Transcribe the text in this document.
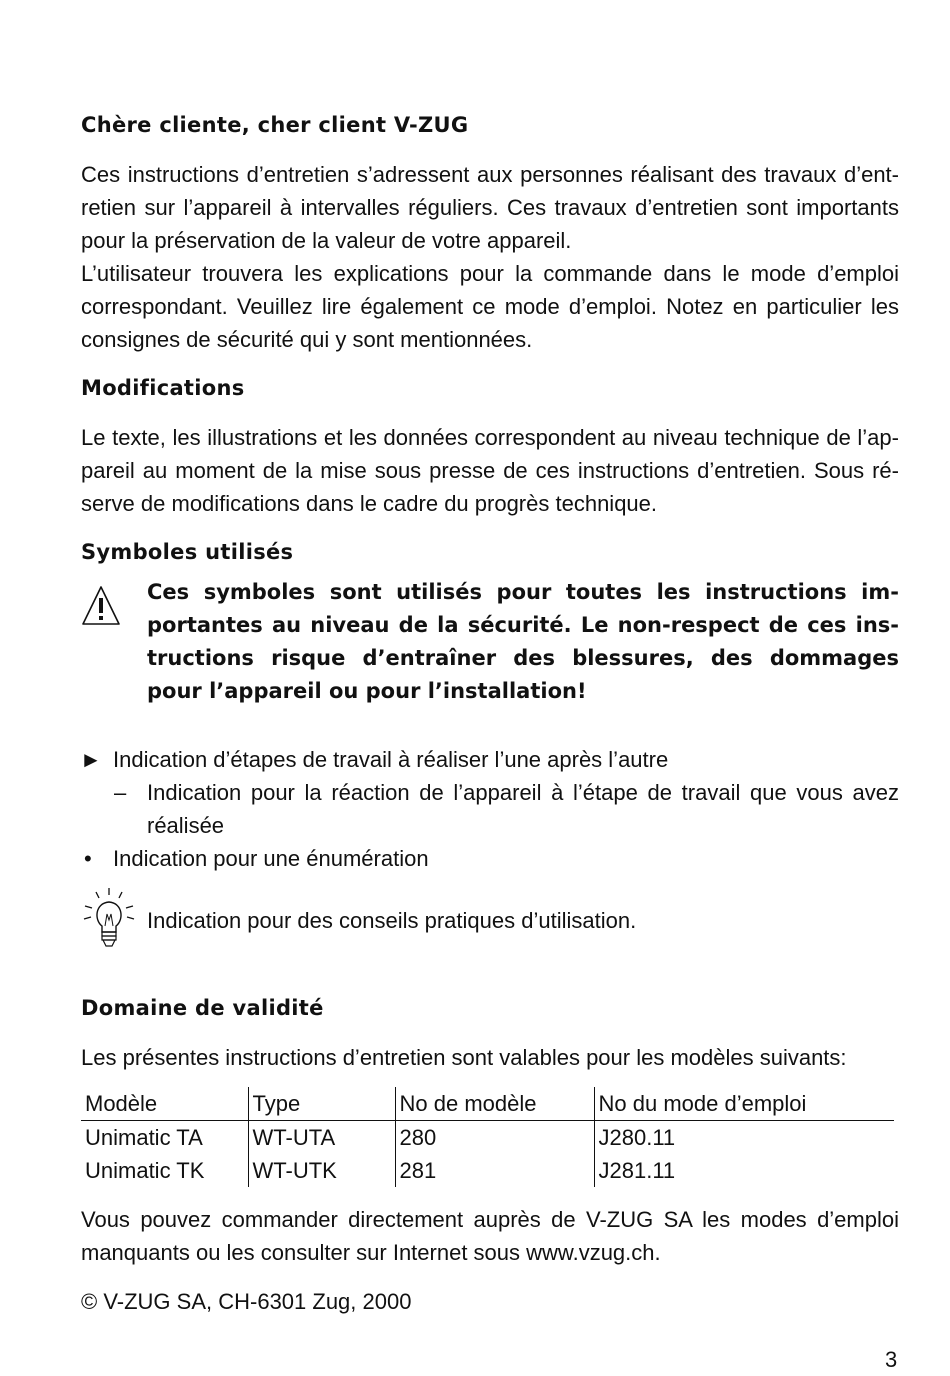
Chère cliente, cher client V-ZUG
Ces instructions d’entretien s’adressent aux personnes réalisant des travaux d’entretien sur l’appareil à intervalles réguliers. Ces travaux d’entretien sont importants pour la préservation de la valeur de votre appareil.
L’utilisateur trouvera les explications pour la commande dans le mode d’emploi correspondant. Veuillez lire également ce mode d’emploi. Notez en particulier les consignes de sécurité qui y sont mentionnées.
Modifications
Le texte, les illustrations et les données correspondent au niveau technique de l’appareil au moment de la mise sous presse de ces instructions d’entretien. Sous réserve de modifications dans le cadre du progrès technique.
Symboles utilisés
Ces symboles sont utilisés pour toutes les instructions importantes au niveau de la sécurité. Le non-respect de ces instructions risque d’entraîner des blessures, des dommages pour l’appareil ou pour l’installation!
► Indication d’étapes de travail à réaliser l’une après l’autre
– Indication pour la réaction de l’appareil à l’étape de travail que vous avez réalisée
• Indication pour une énumération
Indication pour des conseils pratiques d’utilisation.
Domaine de validité
Les présentes instructions d’entretien sont valables pour les modèles suivants:
Modèle	Type	No de modèle	No du mode d’emploi
Unimatic TA	WT-UTA	280	J280.11
Unimatic TK	WT-UTK	281	J281.11
Vous pouvez commander directement auprès de V-ZUG SA les modes d’emploi manquants ou les consulter sur Internet sous www.vzug.ch.
© V-ZUG SA, CH-6301 Zug, 2000
3
